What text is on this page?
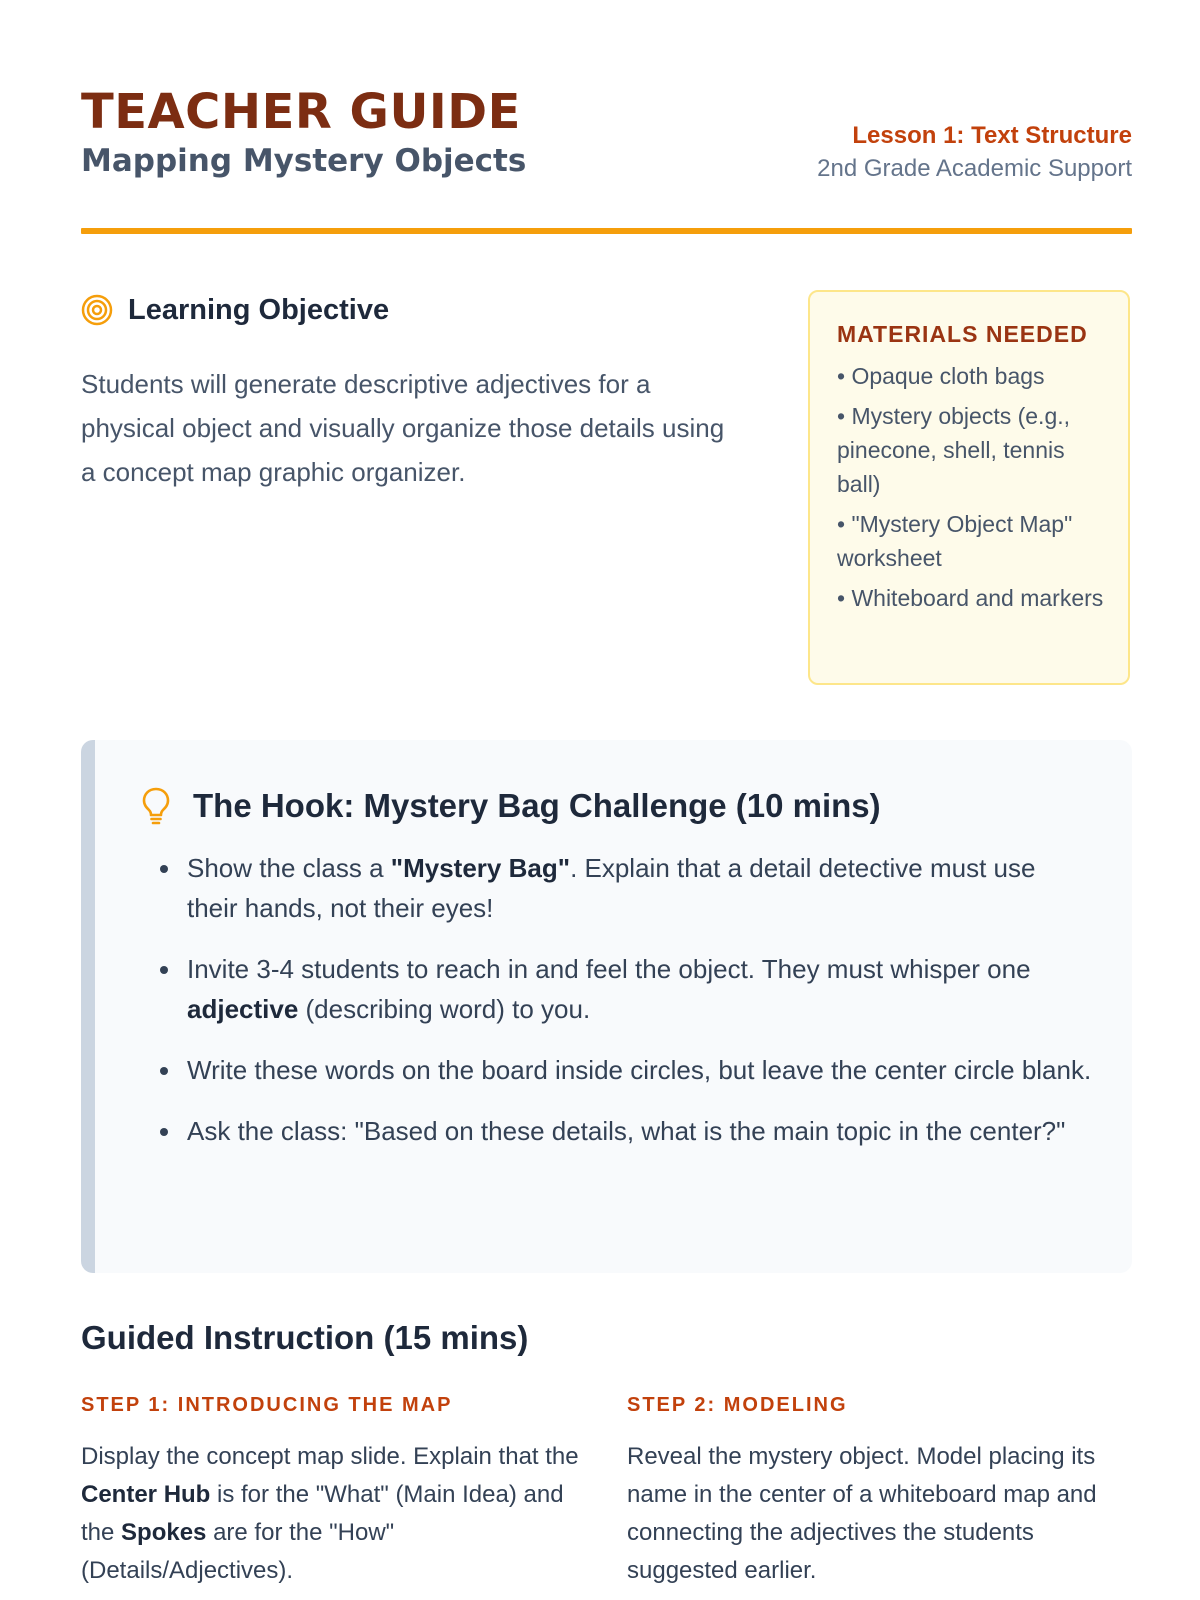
TEACHER GUIDE
Mapping Mystery Objects
Lesson 1: Text Structure
2nd Grade Academic Support
Learning Objective

Students will generate descriptive adjectives for a physical object and visually organize those details using a concept map graphic organizer.

MATERIALS NEEDED
• Opaque cloth bags
• Mystery objects (e.g., pinecone, shell, tennis ball)
• "Mystery Object Map" worksheet
• Whiteboard and markers
The Hook: Mystery Bag Challenge (10 mins)
• Show the class a "Mystery Bag". Explain that a detail detective must use their hands, not their eyes!
• Invite 3-4 students to reach in and feel the object. They must whisper one adjective (describing word) to you.
• Write these words on the board inside circles, but leave the center circle blank.
• Ask the class: "Based on these details, what is the main topic in the center?"
Guided Instruction (15 mins)
STEP 1: INTRODUCING THE MAP

Display the concept map slide. Explain that the Center Hub is for the "What" (Main Idea) and the Spokes are for the "How" (Details/Adjectives).

STEP 2: MODELING

Reveal the mystery object. Model placing its name in the center of a whiteboard map and connecting the adjectives the students suggested earlier.
